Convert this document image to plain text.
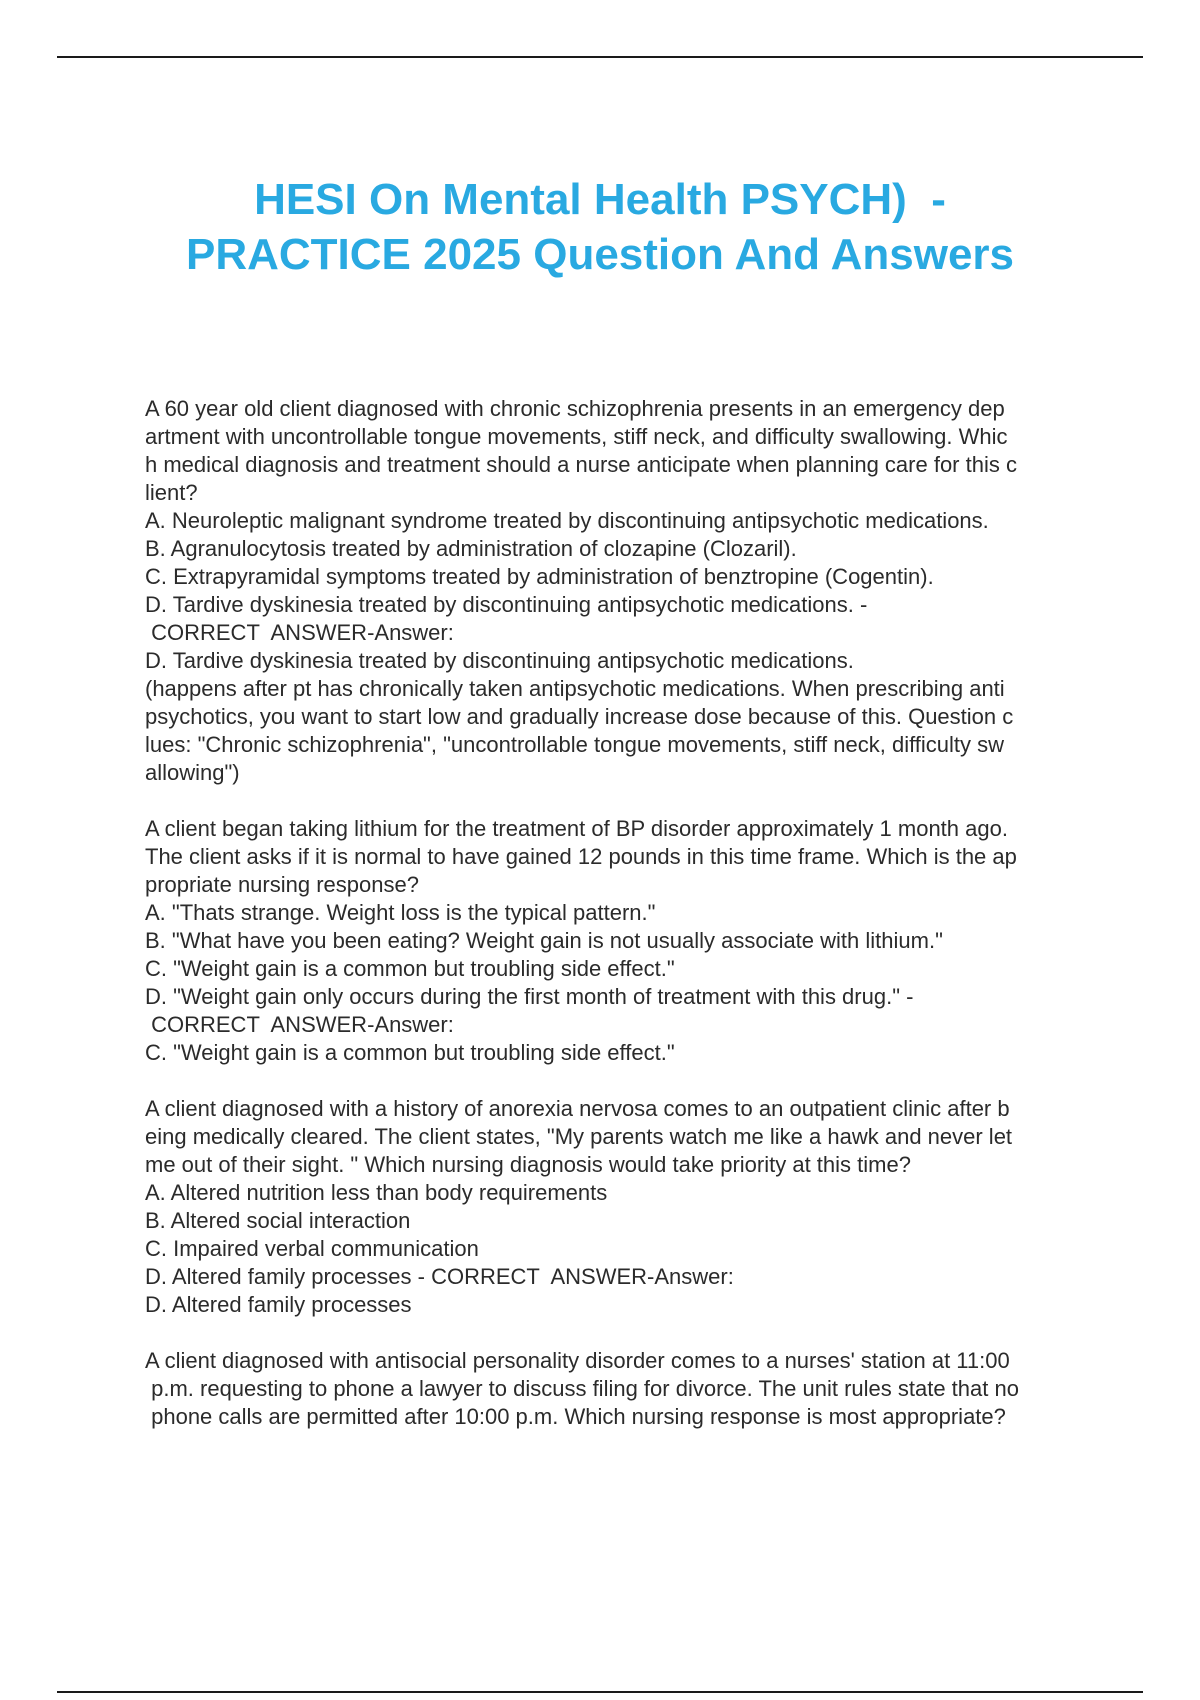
HESI On Mental Health PSYCH)  -
PRACTICE 2025 Question And Answers
A 60 year old client diagnosed with chronic schizophrenia presents in an emergency dep
artment with uncontrollable tongue movements, stiff neck, and difficulty swallowing. Whic
h medical diagnosis and treatment should a nurse anticipate when planning care for this c
lient?
A. Neuroleptic malignant syndrome treated by discontinuing antipsychotic medications.
B. Agranulocytosis treated by administration of clozapine (Clozaril).
C. Extrapyramidal symptoms treated by administration of benztropine (Cogentin).
D. Tardive dyskinesia treated by discontinuing antipsychotic medications. -
CORRECT  ANSWER-Answer:
D. Tardive dyskinesia treated by discontinuing antipsychotic medications.
(happens after pt has chronically taken antipsychotic medications. When prescribing anti
psychotics, you want to start low and gradually increase dose because of this. Question c
lues: "Chronic schizophrenia", "uncontrollable tongue movements, stiff neck, difficulty sw
allowing")
A client began taking lithium for the treatment of BP disorder approximately 1 month ago.
The client asks if it is normal to have gained 12 pounds in this time frame. Which is the ap
propriate nursing response?
A. "Thats strange. Weight loss is the typical pattern."
B. "What have you been eating? Weight gain is not usually associate with lithium."
C. "Weight gain is a common but troubling side effect."
D. "Weight gain only occurs during the first month of treatment with this drug." -
CORRECT  ANSWER-Answer:
C. "Weight gain is a common but troubling side effect."
A client diagnosed with a history of anorexia nervosa comes to an outpatient clinic after b
eing medically cleared. The client states, "My parents watch me like a hawk and never let
me out of their sight. " Which nursing diagnosis would take priority at this time?
A. Altered nutrition less than body requirements
B. Altered social interaction
C. Impaired verbal communication
D. Altered family processes - CORRECT  ANSWER-Answer:
D. Altered family processes
A client diagnosed with antisocial personality disorder comes to a nurses' station at 11:00
p.m. requesting to phone a lawyer to discuss filing for divorce. The unit rules state that no
phone calls are permitted after 10:00 p.m. Which nursing response is most appropriate?
